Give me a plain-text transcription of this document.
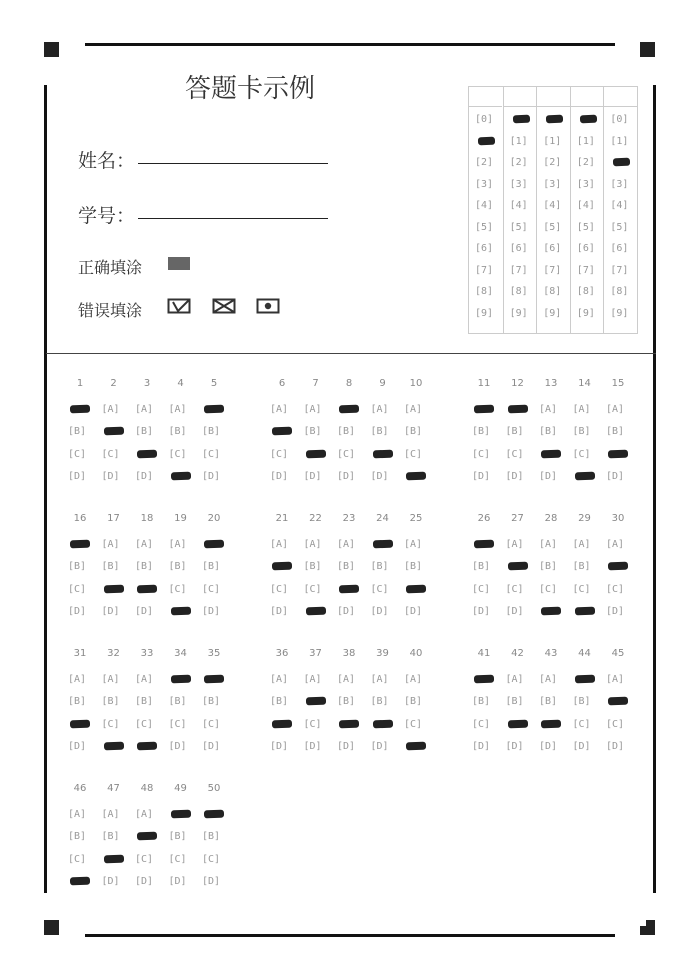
答题卡示例
姓名：
学号：
正确填涂
错误填涂
[0]
[2]
[3]
[4]
[5]
[6]
[7]
[8]
[9]
[1]
[2]
[3]
[4]
[5]
[6]
[7]
[8]
[9]
[1]
[2]
[3]
[4]
[5]
[6]
[7]
[8]
[9]
[1]
[2]
[3]
[4]
[5]
[6]
[7]
[8]
[9]
[0]
[1]
[3]
[4]
[5]
[6]
[7]
[8]
[9]
1
[B]
[C]
[D]
2
[A]
[C]
[D]
3
[A]
[B]
[D]
4
[A]
[B]
[C]
5
[B]
[C]
[D]
6
[A]
[C]
[D]
7
[A]
[B]
[D]
8
[B]
[C]
[D]
9
[A]
[B]
[D]
10
[A]
[B]
[C]
11
[B]
[C]
[D]
12
[B]
[C]
[D]
13
[A]
[B]
[D]
14
[A]
[B]
[C]
15
[A]
[B]
[D]
16
[B]
[C]
[D]
17
[A]
[B]
[D]
18
[A]
[B]
[D]
19
[A]
[B]
[C]
20
[B]
[C]
[D]
21
[A]
[C]
[D]
22
[A]
[B]
[C]
23
[A]
[B]
[D]
24
[B]
[C]
[D]
25
[A]
[B]
[D]
26
[B]
[C]
[D]
27
[A]
[C]
[D]
28
[A]
[B]
[C]
29
[A]
[B]
[C]
30
[A]
[C]
[D]
31
[A]
[B]
[D]
32
[A]
[B]
[C]
33
[A]
[B]
[C]
34
[B]
[C]
[D]
35
[B]
[C]
[D]
36
[A]
[B]
[D]
37
[A]
[C]
[D]
38
[A]
[B]
[D]
39
[A]
[B]
[D]
40
[A]
[B]
[C]
41
[B]
[C]
[D]
42
[A]
[B]
[D]
43
[A]
[B]
[D]
44
[B]
[C]
[D]
45
[A]
[C]
[D]
46
[A]
[B]
[C]
47
[A]
[B]
[D]
48
[A]
[C]
[D]
49
[B]
[C]
[D]
50
[B]
[C]
[D]
